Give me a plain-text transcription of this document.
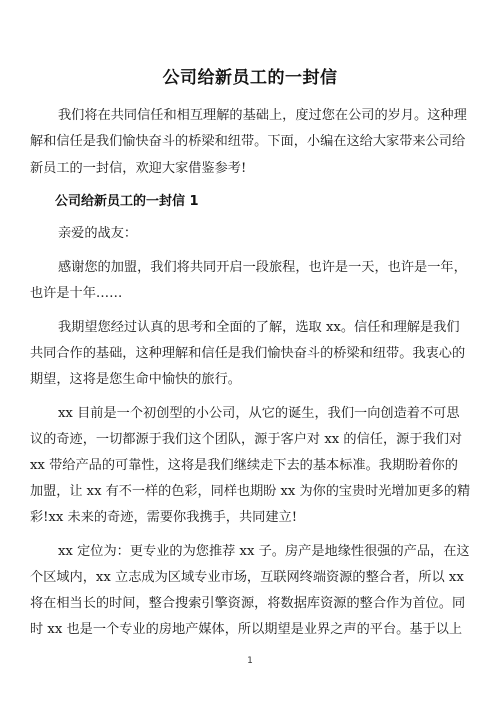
公司给新员工的一封信
我们将在共同信任和相互理解的基础上，度过您在公司的岁月。这种理
解和信任是我们愉快奋斗的桥梁和纽带。下面，小编在这给大家带来公司给
新员工的一封信，欢迎大家借鉴参考!
公司给新员工的一封信 1
亲爱的战友：
感谢您的加盟，我们将共同开启一段旅程，也许是一天，也许是一年，
也许是十年……
我期望您经过认真的思考和全面的了解，选取 xx。信任和理解是我们
共同合作的基础，这种理解和信任是我们愉快奋斗的桥梁和纽带。我衷心的
期望，这将是您生命中愉快的旅行。
xx 目前是一个初创型的小公司，从它的诞生，我们一向创造着不可思
议的奇迹，一切都源于我们这个团队，源于客户对 xx 的信任，源于我们对
xx 带给产品的可靠性，这将是我们继续走下去的基本标准。我期盼着你的
加盟，让 xx 有不一样的色彩，同样也期盼 xx 为你的宝贵时光增加更多的精
彩!xx 未来的奇迹，需要你我携手，共同建立!
xx 定位为：更专业的为您推荐 xx 子。房产是地缘性很强的产品，在这
个区域内，xx 立志成为区域专业市场，互联网终端资源的整合者，所以 xx
将在相当长的时间，整合搜索引擎资源，将数据库资源的整合作为首位。同
时 xx 也是一个专业的房地产媒体，所以期望是业界之声的平台。基于以上
1
